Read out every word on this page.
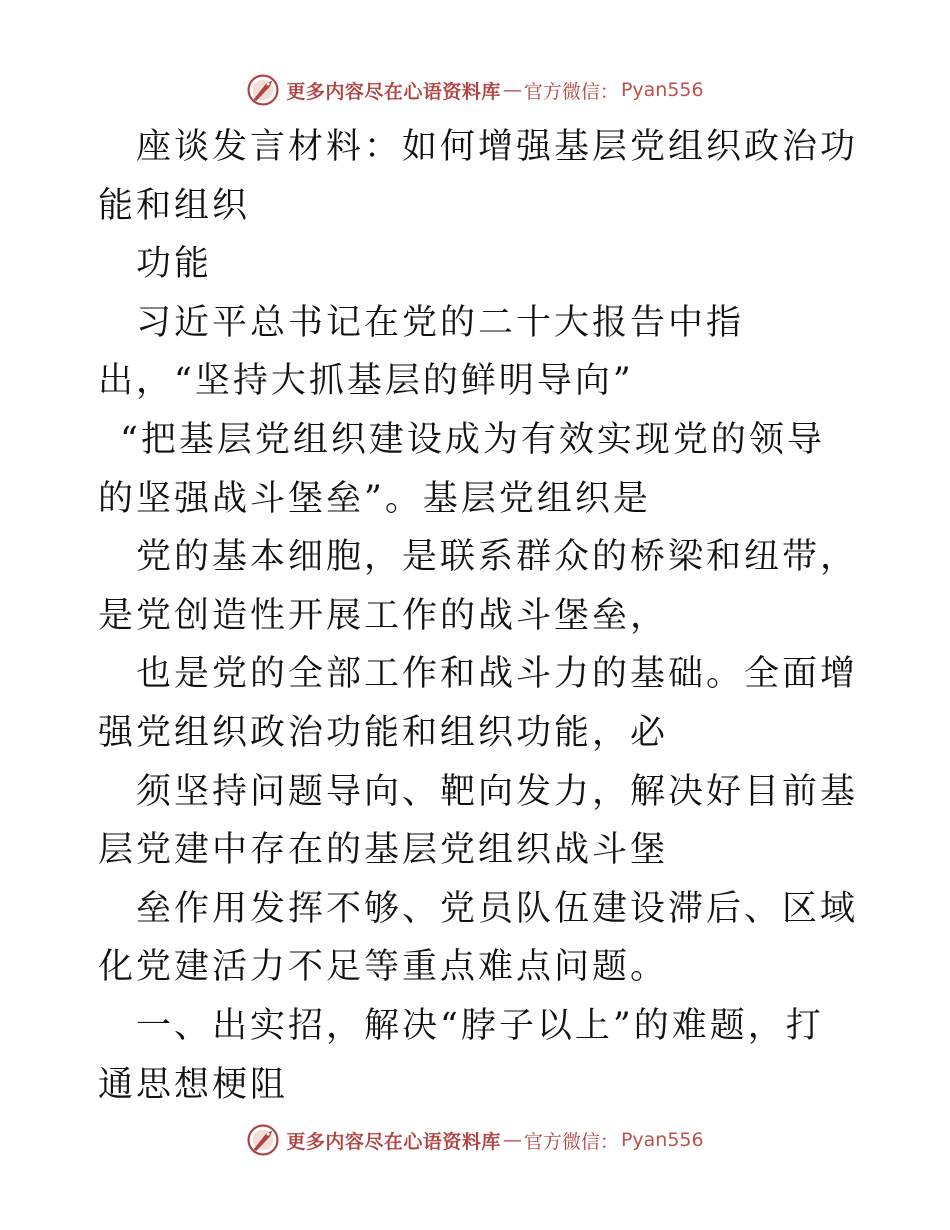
更多内容尽在心语资料库 — 官方微信： Pyan556

座谈发言材料：如何增强基层党组织政治功能和组织

功能

习近平总书记在党的二十大报告中指出，“坚持大抓基层的鲜明导向”

“把基层党组织建设成为有效实现党的领导的坚强战斗堡垒”。基层党组织是

党的基本细胞，是联系群众的桥梁和纽带，是党创造性开展工作的战斗堡垒，

也是党的全部工作和战斗力的基础。全面增强党组织政治功能和组织功能，必

须坚持问题导向、靶向发力，解决好目前基层党建中存在的基层党组织战斗堡

垒作用发挥不够、党员队伍建设滞后、区域化党建活力不足等重点难点问题。

一、出实招，解决“脖子以上”的难题，打通思想梗阻

更多内容尽在心语资料库 — 官方微信： Pyan556
